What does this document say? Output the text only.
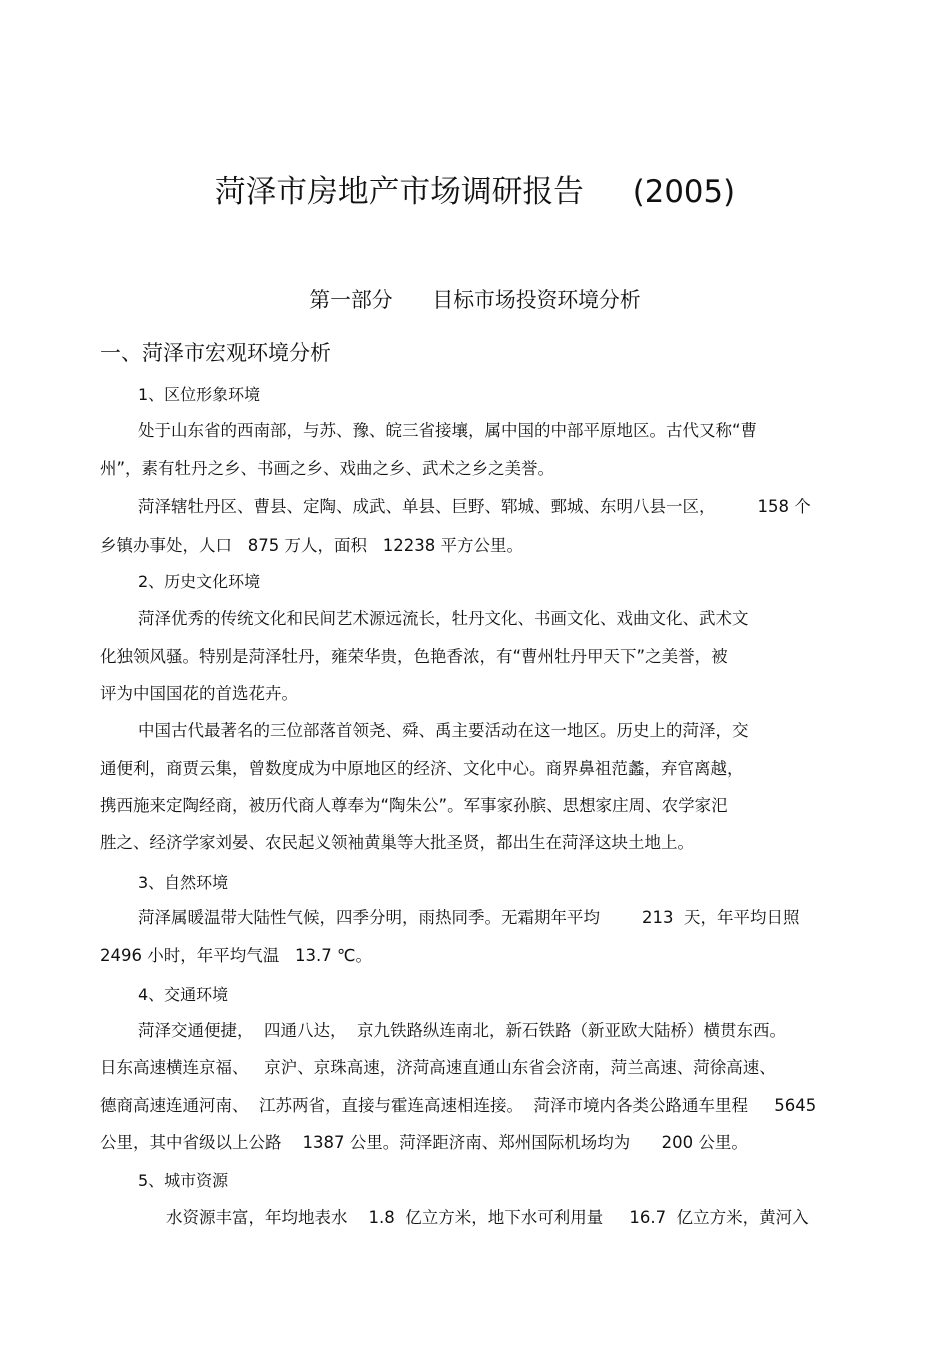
菏泽市房地产市场调研报告     (2005)
第一部分      目标市场投资环境分析
一、菏泽市宏观环境分析
1、区位形象环境
处于山东省的西南部，与苏、豫、皖三省接壤，属中国的中部平原地区。古代又称“曹
州”，素有牡丹之乡、书画之乡、戏曲之乡、武术之乡之美誉。
菏泽辖牡丹区、曹县、定陶、成武、单县、巨野、郓城、鄄城、东明八县一区，        158 个
乡镇办事处，人口   875 万人，面积   12238 平方公里。
2、历史文化环境
菏泽优秀的传统文化和民间艺术源远流长，牡丹文化、书画文化、戏曲文化、武术文
化独领风骚。特别是菏泽牡丹，雍荣华贵，色艳香浓，有“曹州牡丹甲天下”之美誉，被
评为中国国花的首选花卉。
中国古代最著名的三位部落首领尧、舜、禹主要活动在这一地区。历史上的菏泽，交
通便利，商贾云集，曾数度成为中原地区的经济、文化中心。商界鼻祖范蠡，弃官离越，
携西施来定陶经商，被历代商人尊奉为“陶朱公”。军事家孙膑、思想家庄周、农学家汜
胜之、经济学家刘晏、农民起义领袖黄巢等大批圣贤，都出生在菏泽这块土地上。
3、自然环境
菏泽属暖温带大陆性气候，四季分明，雨热同季。无霜期年平均        213  天，年平均日照
2496 小时，年平均气温   13.7 ℃。
4、交通环境
菏泽交通便捷，  四通八达，  京九铁路纵连南北，新石铁路（新亚欧大陆桥）横贯东西。
日东高速横连京福、   京沪、京珠高速，济菏高速直通山东省会济南，菏兰高速、菏徐高速、
德商高速连通河南、  江苏两省，直接与霍连高速相连接。  菏泽市境内各类公路通车里程     5645
公里，其中省级以上公路    1387 公里。菏泽距济南、郑州国际机场均为      200 公里。
5、城市资源
水资源丰富，年均地表水    1.8  亿立方米，地下水可利用量     16.7  亿立方米，黄河入
